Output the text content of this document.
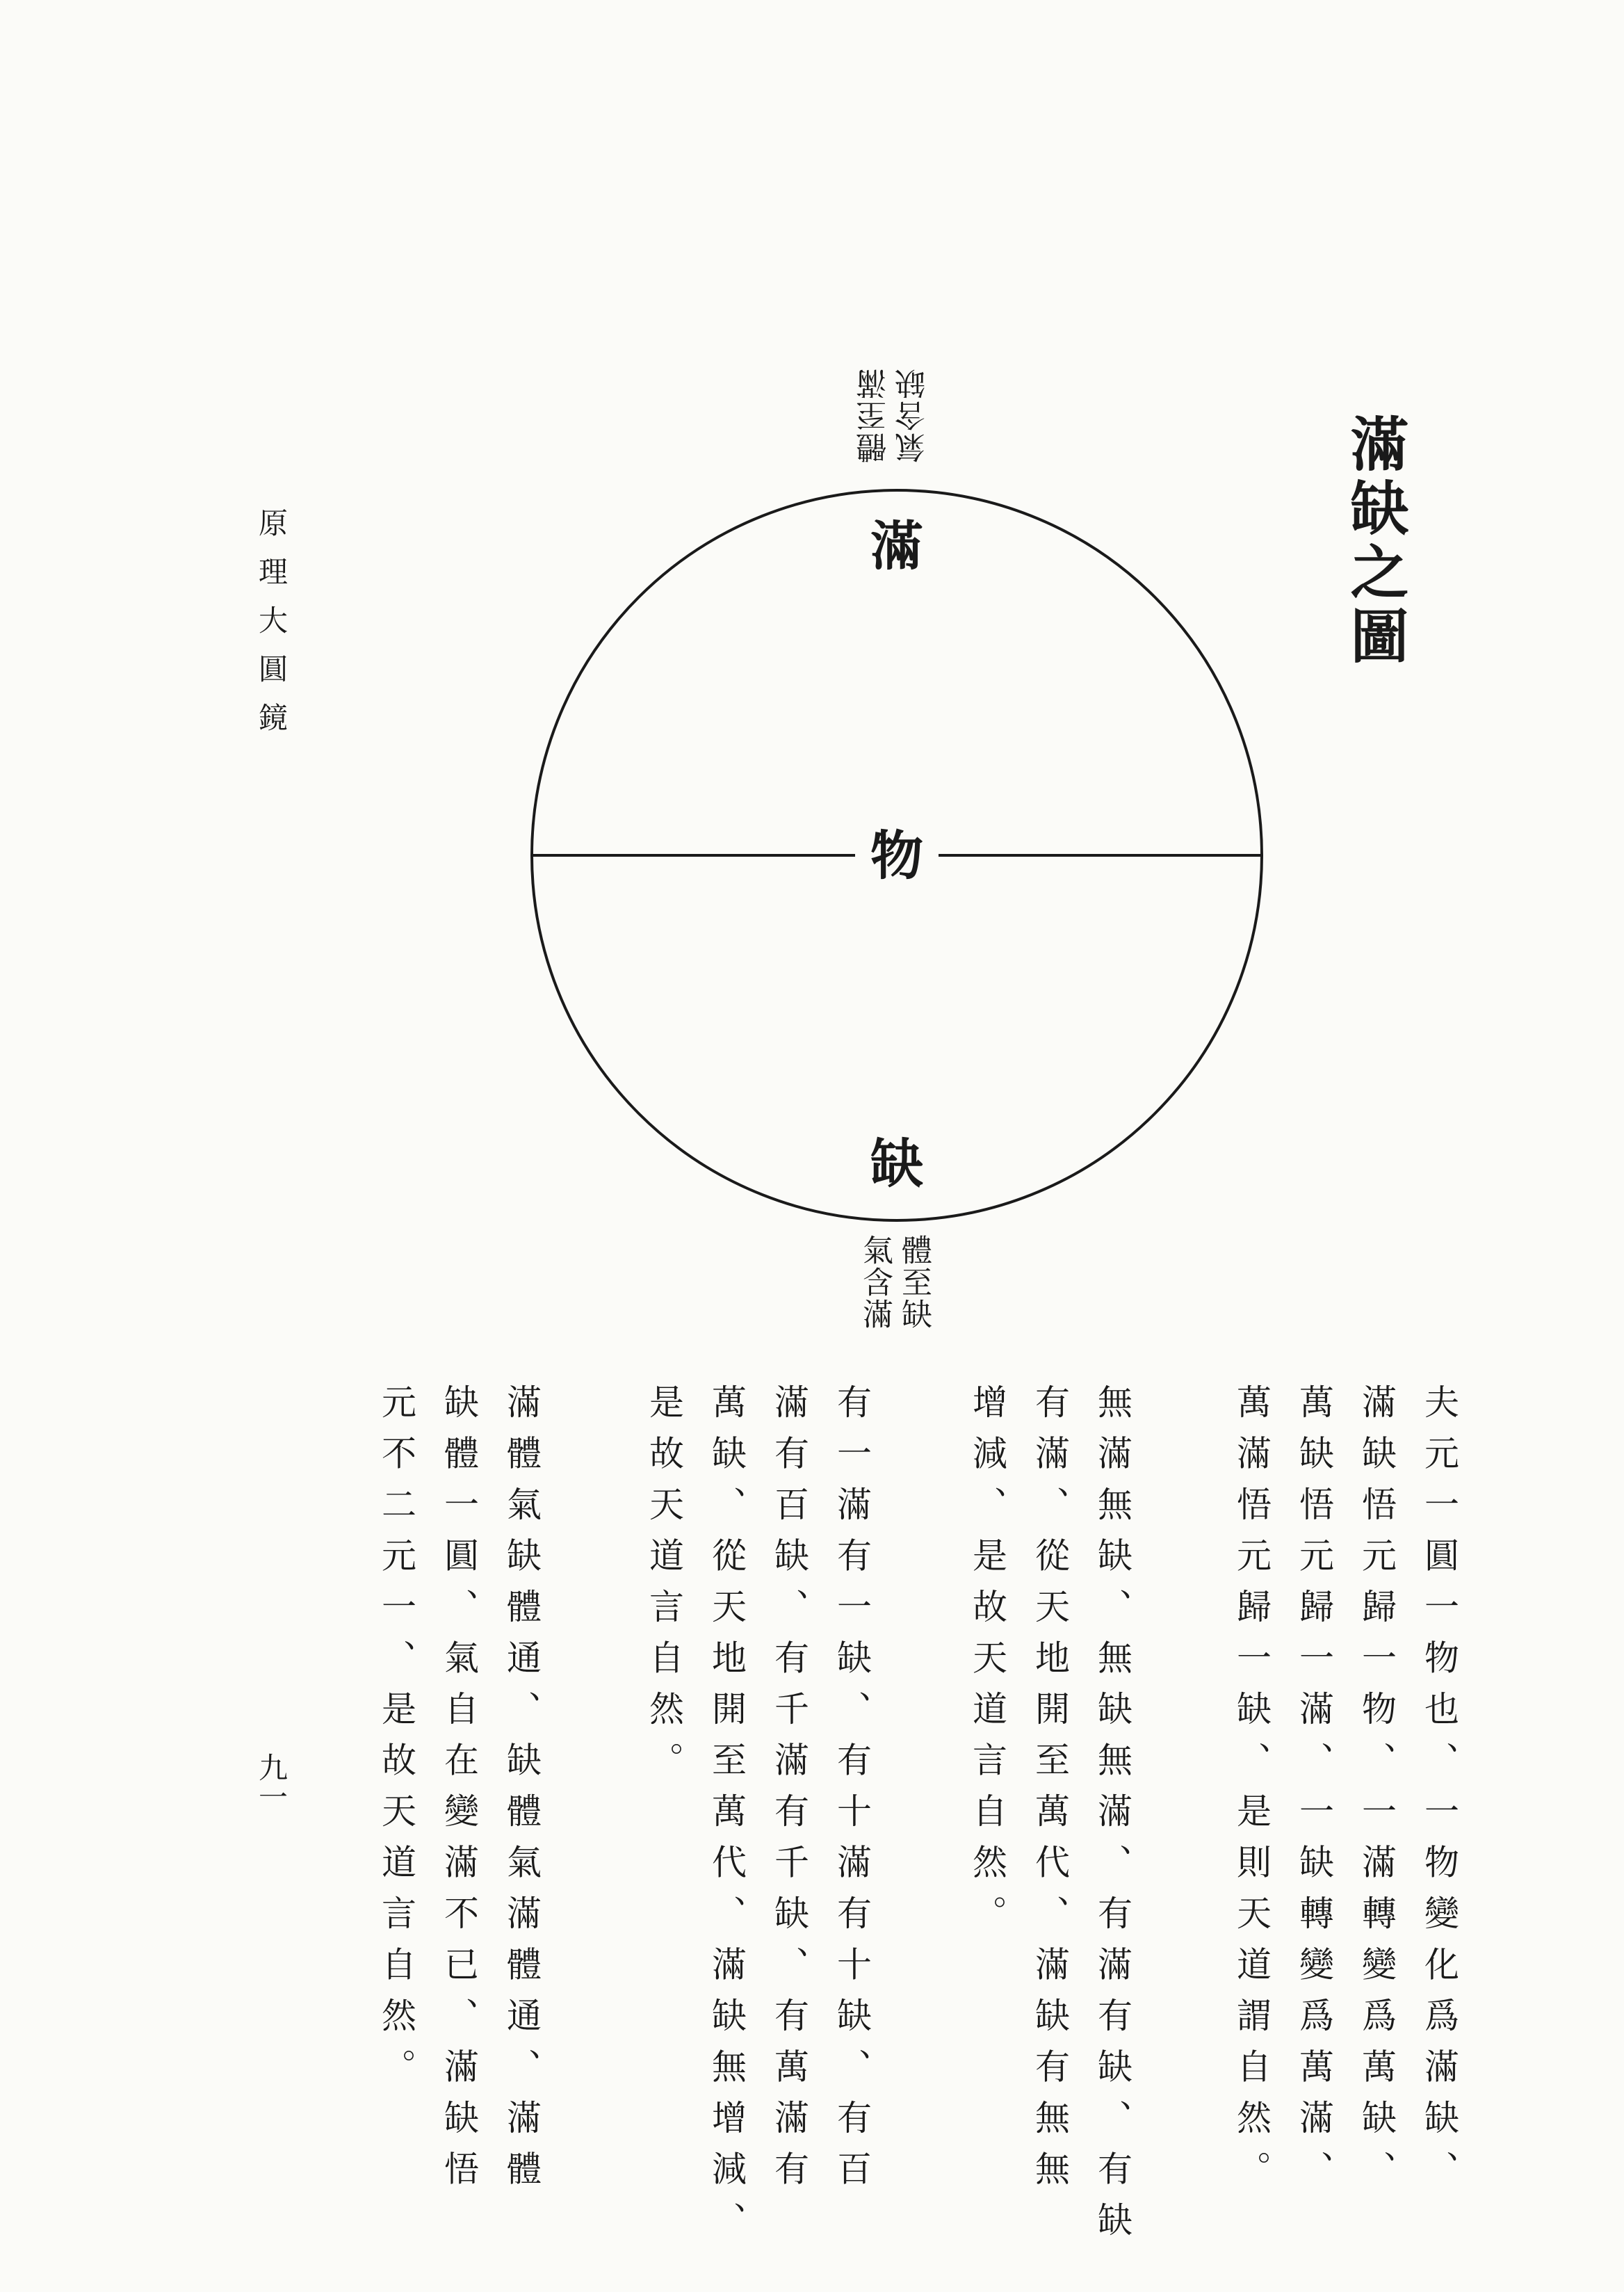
滿缺之圖
原理大圓鏡
九一
體至滿 氣含缺
滿
物
缺
體至缺
氣含滿
夫元一圓一物也、一物變化爲滿缺、
滿缺悟元歸一物、一滿轉變爲萬缺、
萬缺悟元歸一滿、一缺轉變爲萬滿、
萬滿悟元歸一缺、是則天道謂自然。
無滿無缺、無缺無滿、有滿有缺、有缺
有滿、從天地開至萬代、滿缺有無無
增減、是故天道言自然。
有一滿有一缺、有十滿有十缺、有百
滿有百缺、有千滿有千缺、有萬滿有
萬缺、從天地開至萬代、滿缺無增減、
是故天道言自然。
滿體氣缺體通、缺體氣滿體通、滿體
缺體一圓、氣自在變滿不已、滿缺悟
元不二元一、是故天道言自然。
